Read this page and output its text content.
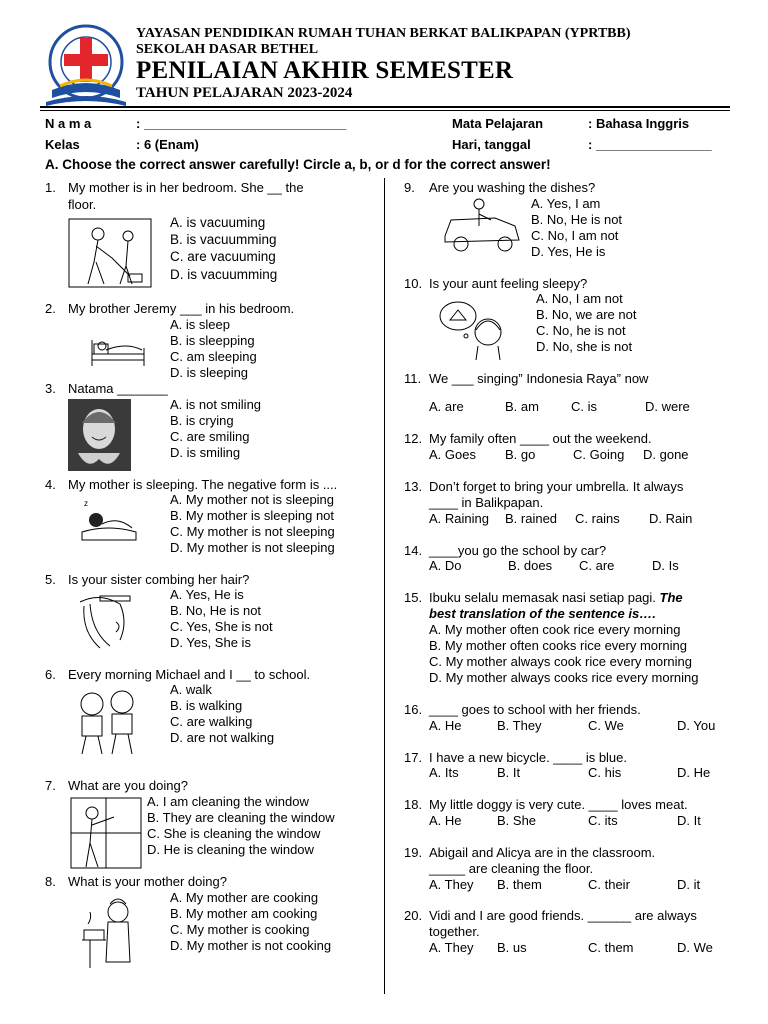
YAYASAN PENDIDIKAN RUMAH TUHAN BERKAT BALIKPAPAN (YPRTBB)
SEKOLAH DASAR BETHEL
PENILAIAN AKHIR SEMESTER
TAHUN PELAJARAN 2023-2024
N a m a	: ____________________________
Kelas	: 6 (Enam)
Mata Pelajaran	: Bahasa Inggris
Hari, tanggal	: ________________
A. Choose the correct answer carefully! Circle a, b, or d for the correct answer!
1. My mother is in her bedroom. She __ the
floor.
A. is vacuuming
B. is vacuumming
C. are vacuuming
D. is vacuumming
2. My brother Jeremy ___ in his bedroom.
A. is sleep
B. is sleepping
C. am sleeping
D. is sleeping
3. Natama _______
A. is not smiling
B. is crying
C. are smiling
D. is smiling
4. My mother is sleeping. The negative form is ....
z	A. My mother not is sleeping
B. My mother is sleeping not
C. My mother is not sleeping
D. My mother is not sleeping
5. Is your sister combing her hair?
A. Yes, He is
B. No, He is not
C. Yes, She is not
D. Yes, She is
6. Every morning Michael and I __ to school.
A. walk
B. is walking
C. are walking
D. are not walking
7. What are you doing?
A. I am cleaning the window
B. They are cleaning the window
C. She is cleaning the window
D. He is cleaning the window
8. What is your mother doing?
A. My mother are cooking
B. My mother am cooking
C. My mother is cooking
D. My mother is not cooking
9.	Are you washing the dishes?
A. Yes, I am
B. No, He is not
C. No, I am not
D. Yes, He is
10. Is your aunt feeling sleepy?
A. No, I am not
B. No, we are not
C. No, he is not
D. No, she is not
11. We ___ singing” Indonesia Raya” now
A. are	B. am C. is	D. were
12. My family often ____ out the weekend.
A. Goes B. go	C. Going D. gone
13. Don’t forget to bring your umbrella. It always
____ in Balikpapan.
A. Raining B. rained C. rains D. Rain
14. ____you go the school by car?
A. Do	B. does C. are	D. Is
15. Ibuku selalu memasak nasi setiap pagi. The
best translation of the sentence is….
A. My mother often cook rice every morning
B. My mother often cooks rice every morning
C. My mother always cook rice every morning
D. My mother always cooks rice every morning
16. ____ goes to school with her friends.
A. He	B. They	C. We	D. You
17. I have a new bicycle. ____ is blue.
A. Its	B. It	C. his	D. He
18. My little doggy is very cute. ____ loves meat.
A. He	B. She	C. its	D. It
19. Abigail and Alicya are in the classroom.
_____ are cleaning the floor.
A. They B. them	C. their	D. it
20. Vidi and I are good friends. ______ are always
together.
A. They B. us	C. them	D. We
